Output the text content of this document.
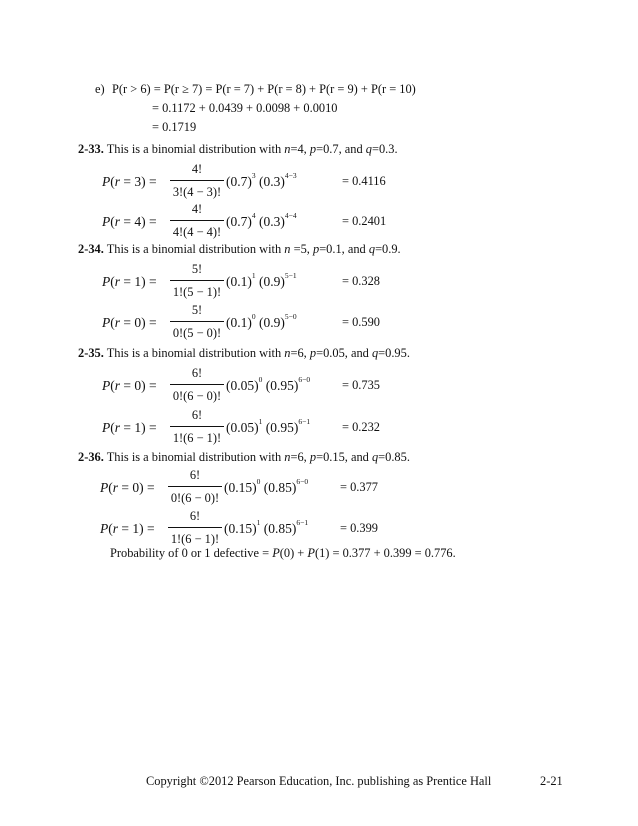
e) P(r > 6) = P(r ≥ 7) = P(r = 7) + P(r = 8) + P(r = 9) + P(r = 10)
= 0.1172 + 0.0439 + 0.0098 + 0.0010
= 0.1719
2-33. This is a binomial distribution with n=4, p=0.7, and q=0.3.
P(r = 3) =
4!
3!(4 − 3)!
$(0.7)^3$ $(0.3)^{4-3}$	= 0.4116
P(r = 4) =
4!
4!(4 − 4)!
$(0.7)^4$ $(0.3)^{4-4}$	= 0.2401
2-34. This is a binomial distribution with n =5, p=0.1, and q=0.9.
P(r = 1) =
5!
1!(5 − 1)!
$(0.1)^1$ $(0.9)^{5-1}$	= 0.328
P(r = 0) =
5!
0!(5 − 0)!
$(0.1)^0$ $(0.9)^{5-0}$	= 0.590
2-35. This is a binomial distribution with n=6, p=0.05, and q=0.95.
P(r = 0) =
6!
0!(6 − 0)!
$(0.05)^0$ $(0.95)^{6-0}$	= 0.735
P(r = 1) =
6!
1!(6 − 1)!
$(0.05)^1$ $(0.95)^{6-1}$	= 0.232
2-36. This is a binomial distribution with n=6, p=0.15, and q=0.85.
P(r = 0) =
6!
0!(6 − 0)!
$(0.15)^0$ $(0.85)^{6-0}$	= 0.377
P(r = 1) =
6!
1!(6 − 1)!
$(0.15)^1$ $(0.85)^{6-1}$	= 0.399
Probability of 0 or 1 defective = P(0) + P(1) = 0.377 + 0.399 = 0.776.
Copyright ©2012 Pearson Education, Inc. publishing as Prentice Hall	2-21
